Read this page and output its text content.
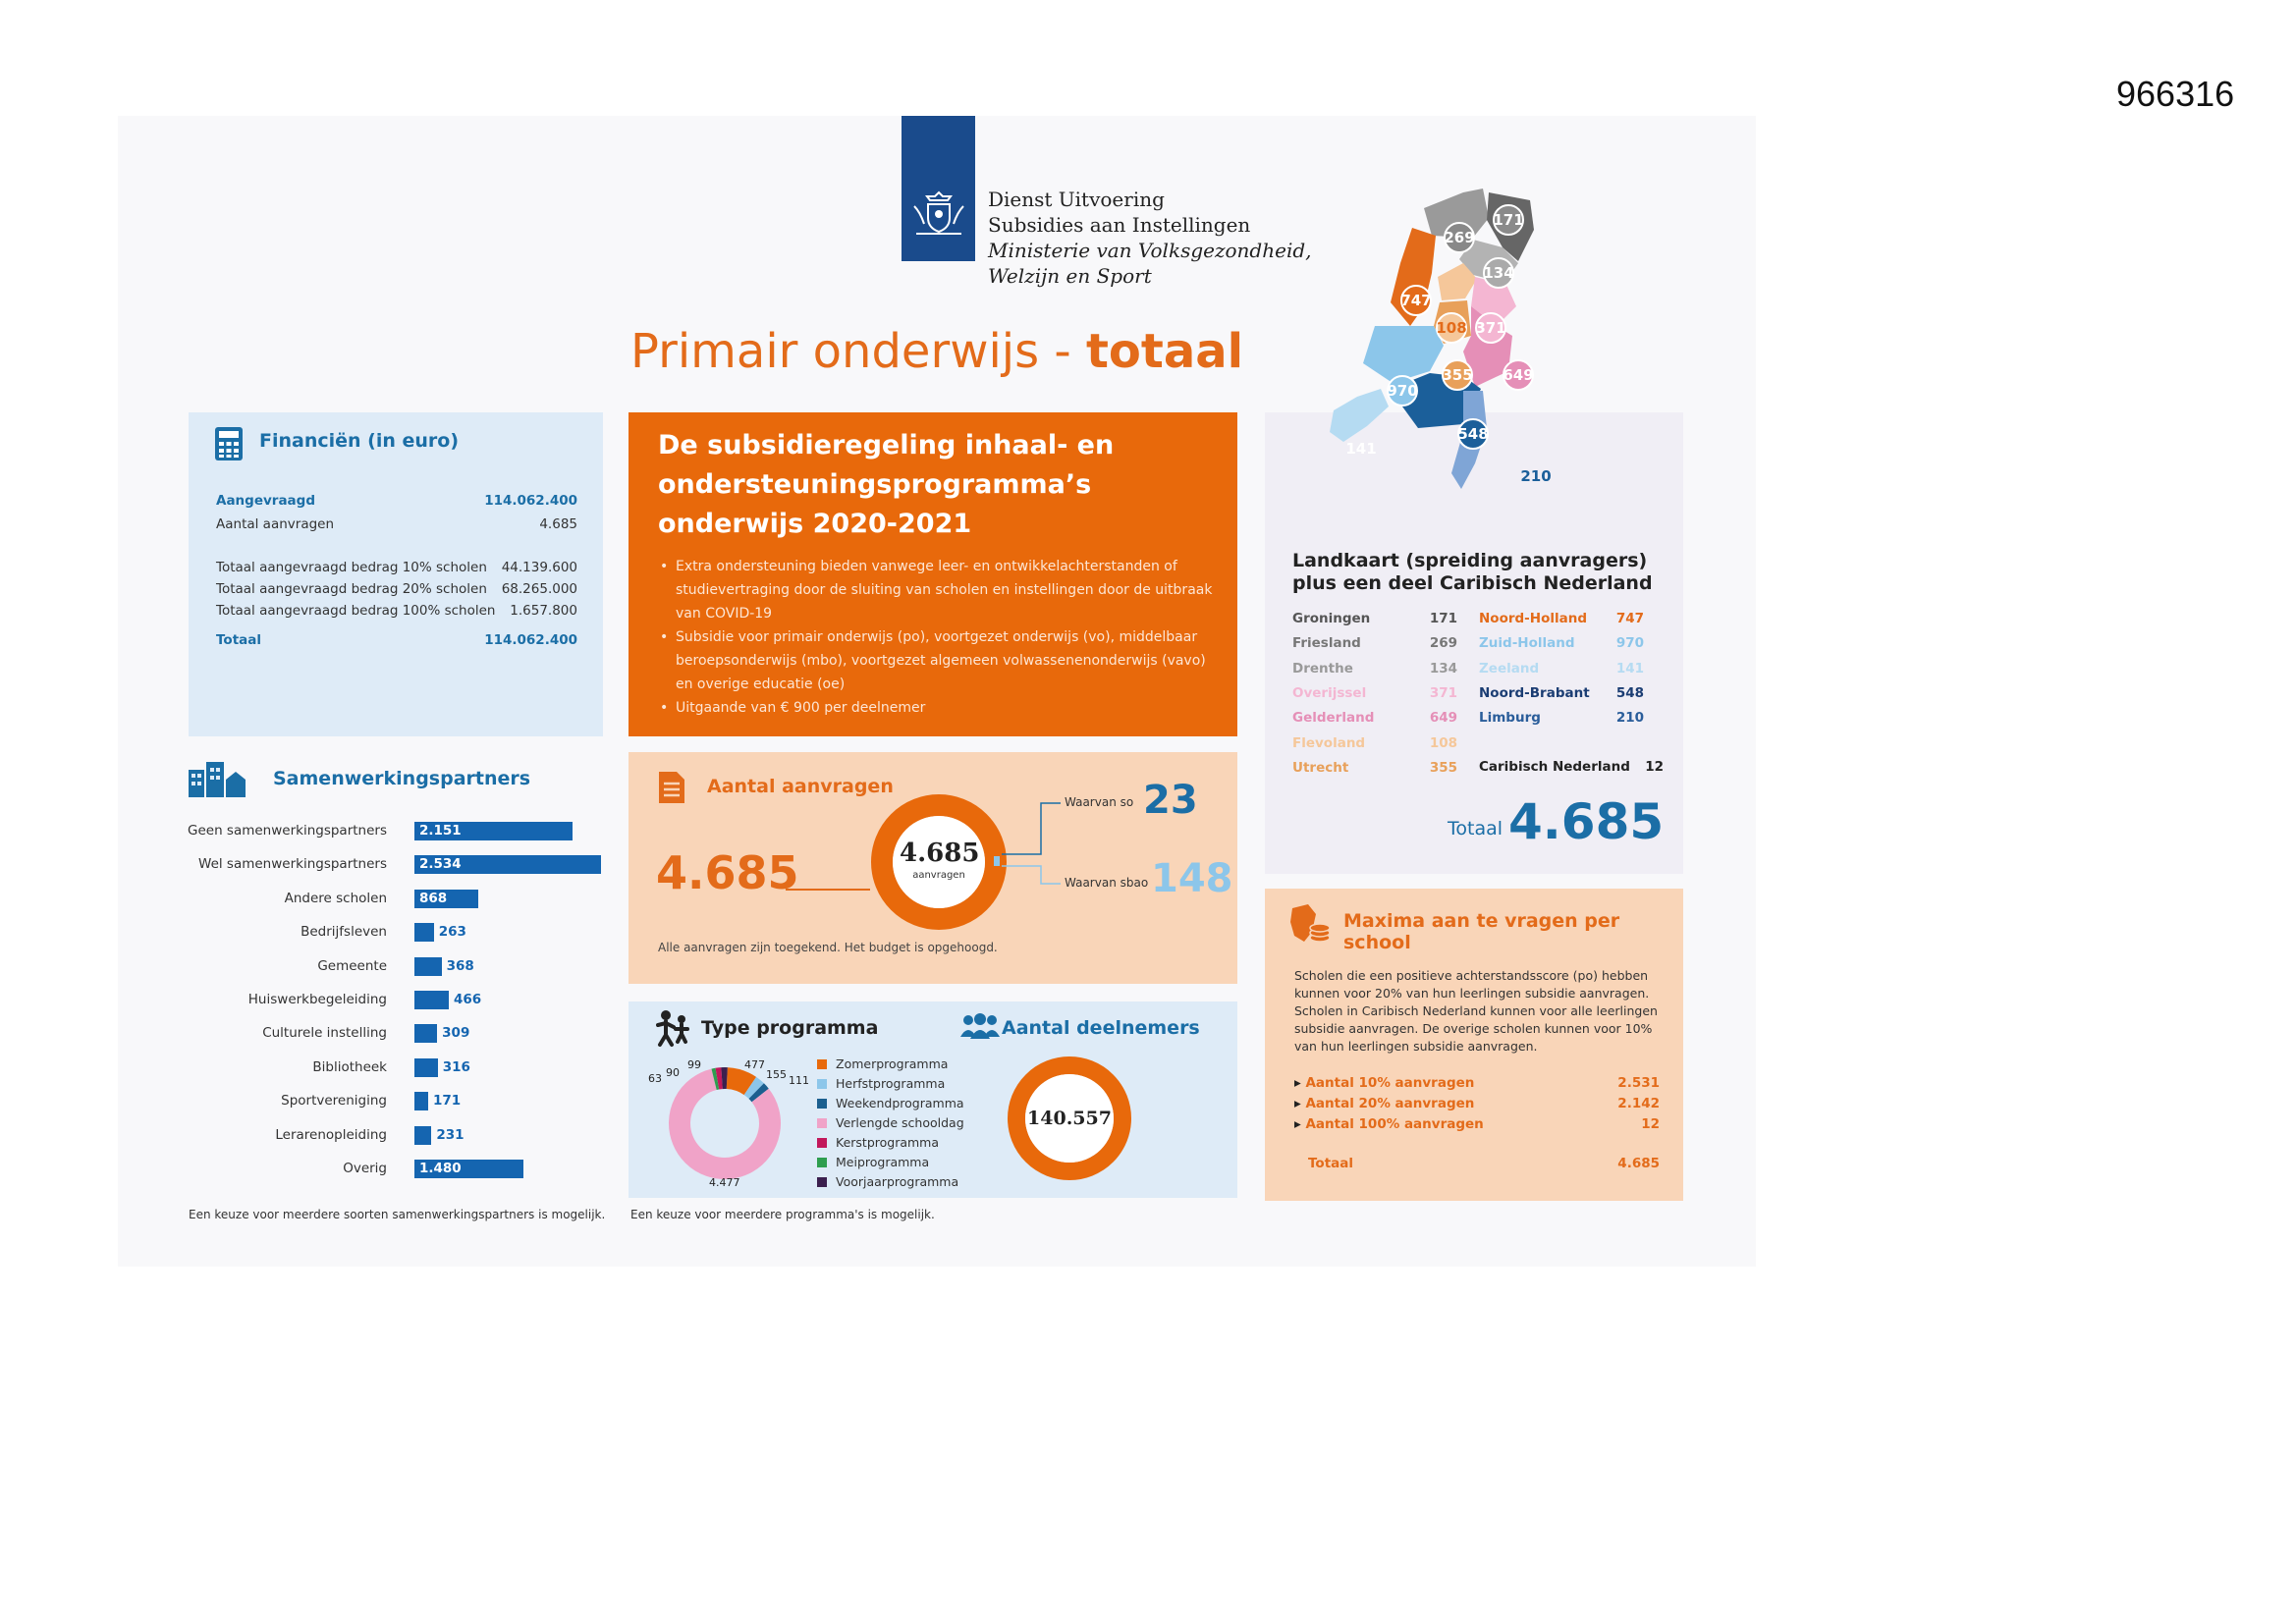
966316
Dienst Uitvoering
Subsidies aan Instellingen
Ministerie van Volksgezondheid,
Welzijn en Sport
Primair onderwijs - totaal
Financiën (in euro)
Aangevraagd	114.062.400
Aantal aanvragen	4.685
Totaal aangevraagd bedrag 10% scholen 44.139.600
Totaal aangevraagd bedrag 20% scholen 68.265.000
Totaal aangevraagd bedrag 100% scholen 1.657.800
Totaal	114.062.400
De subsidieregeling inhaal- en ondersteuningsprogramma’s onderwijs 2020-2021
• Extra ondersteuning bieden vanwege leer- en ontwikkelachterstanden of studievertraging door de sluiting van scholen en instellingen door de uitbraak van COVID-19
• Subsidie voor primair onderwijs (po), voortgezet onderwijs (vo), middelbaar beroepsonderwijs (mbo), voortgezet algemeen volwassenenonderwijs (vavo) en overige educatie (oe)
• Uitgaande van € 900 per deelnemer
Aantal aanvragen
4.685	4.685
aanvragen
Waarvan so 23
Waarvan sbao 148
Alle aanvragen zijn toegekend. Het budget is opgehoogd.
Type programma	Aantal deelnemers
63 90
99	477
155 111
4.477
Zomerprogramma
Herfstprogramma
Weekendprogramma
Verlengde schooldag
Kerstprogramma
Meiprogramma
Voorjaarprogramma
140.557
Een keuze voor meerdere programma's is mogelijk.
Samenwerkingspartners
Geen samenwerkingspartners 2.151
Wel samenwerkingspartners 2.534
Andere scholen 868
Bedrijfsleven	263
Gemeente	368
Huiswerkbegeleiding	466
Culturele instelling	309
Bibliotheek	316
Sportvereniging	171
Lerarenopleiding	231
Overig 1.480
Een keuze voor meerdere soorten samenwerkingspartners is mogelijk.
Landkaart (spreiding aanvragers) plus een deel Caribisch Nederland
Groningen	171
Friesland	269
Drenthe	134
Overijssel	371
Gelderland	649
Flevoland	108
Utrecht	355
Noord-Holland 747
Zuid-Holland	970
Zeeland	141
Noord-Brabant 548
Limburg	210
Caribisch Nederland 12
Totaal 4.685
171
269
134
747
108 371
355 649
970
548
141
210
Maxima aan te vragen per school
Scholen die een positieve achterstandsscore (po) hebben kunnen voor 20% van hun leerlingen subsidie aanvragen. Scholen in Caribisch Nederland kunnen voor alle leerlingen subsidie aanvragen. De overige scholen kunnen voor 10% van hun leerlingen subsidie aanvragen.
▸ Aantal 10% aanvragen	2.531
▸ Aantal 20% aanvragen	2.142
▸ Aantal 100% aanvragen	12
Totaal	4.685
